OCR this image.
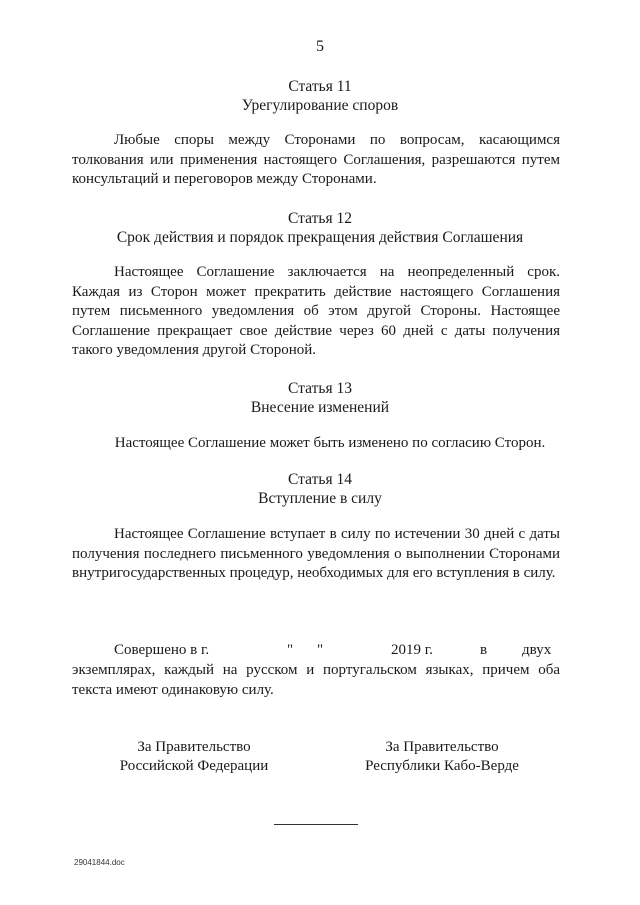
5
Статья 11
Урегулирование споров
Любые споры между Сторонами по вопросам, касающимся толкования или применения настоящего Соглашения, разрешаются путем консультаций и переговоров между Сторонами.
Статья 12
Срок действия и порядок прекращения действия Соглашения
Настоящее Соглашение заключается на неопределенный срок. Каждая из Сторон может прекратить действие настоящего Соглашения путем письменного уведомления об этом другой Стороны. Настоящее Соглашение прекращает свое действие через 60 дней с даты получения такого уведомления другой Стороной.
Статья 13
Внесение изменений
Настоящее Соглашение может быть изменено по согласию Сторон.
Статья 14
Вступление в силу
Настоящее Соглашение вступает в силу по истечении 30 дней с даты получения последнего письменного уведомления о выполнении Сторонами внутригосударственных процедур, необходимых для его вступления в силу.
Совершено в г.	" "	2019 г.	в двух
экземплярах, каждый на русском и португальском языках, причем оба текста имеют одинаковую силу.
За Правительство
Российской Федерации
За Правительство
Республики Кабо-Верде
29041844.doc
